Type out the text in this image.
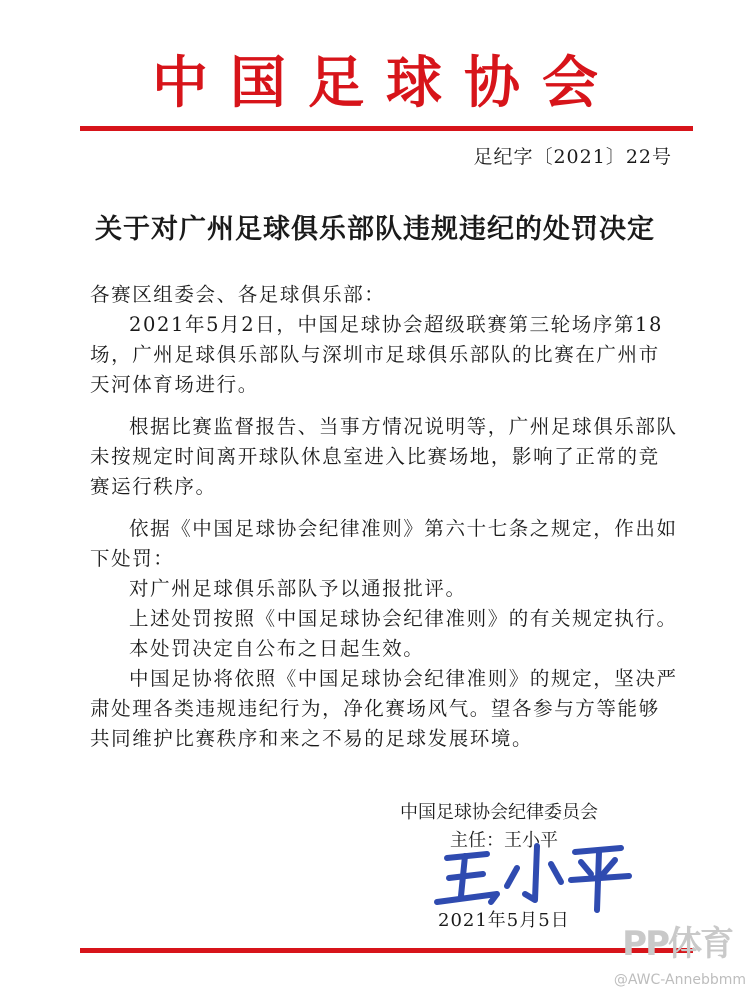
中国足球协会
足纪字〔2021〕22号
关于对广州足球俱乐部队违规违纪的处罚决定

各赛区组委会、各足球俱乐部：

2021年5月2日，中国足球协会超级联赛第三轮场序第18场，广州足球俱乐部队与深圳市足球俱乐部队的比赛在广州市天河体育场进行。

根据比赛监督报告、当事方情况说明等，广州足球俱乐部队未按规定时间离开球队休息室进入比赛场地，影响了正常的竞赛运行秩序。

依据《中国足球协会纪律准则》第六十七条之规定，作出如下处罚：

对广州足球俱乐部队予以通报批评。

上述处罚按照《中国足球协会纪律准则》的有关规定执行。

本处罚决定自公布之日起生效。

中国足协将依照《中国足球协会纪律准则》的规定，坚决严肃处理各类违规违纪行为，净化赛场风气。望各参与方等能够共同维护比赛秩序和来之不易的足球发展环境。

中国足球协会纪律委员会
主任：王小平
2021年5月5日
PP体育
@AWC-Annebbmm
